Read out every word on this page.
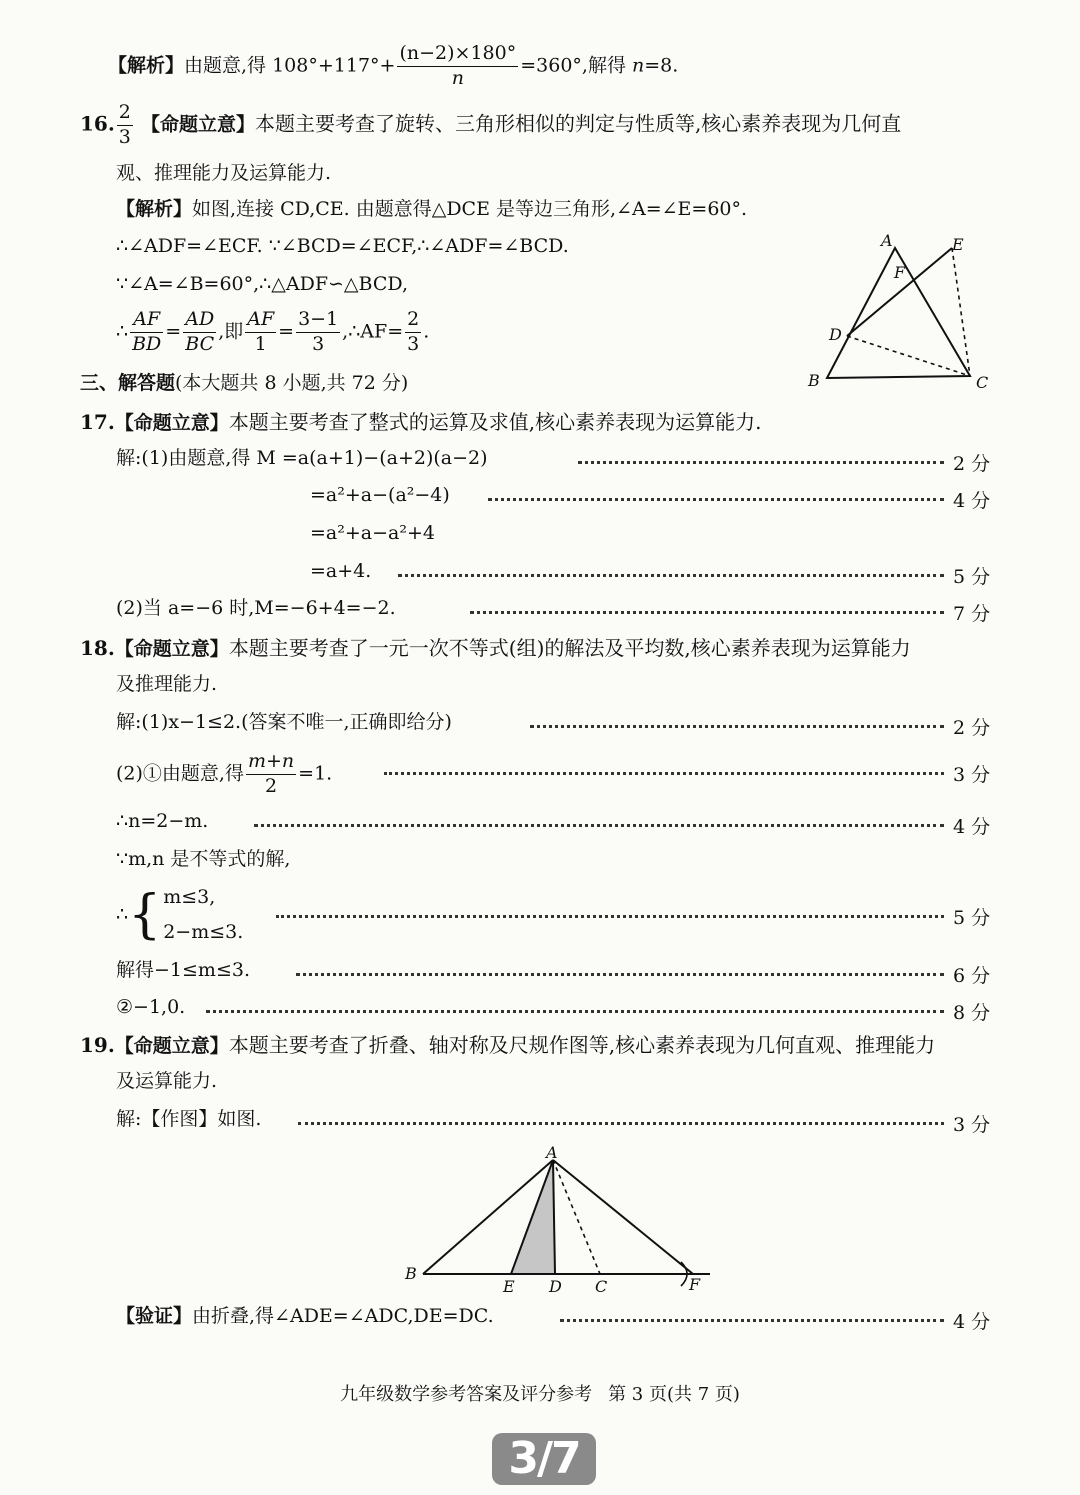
【解析】由题意,得 $108^\circ+117^\circ+ \frac{(n-2)\times 180^\circ}{n} =360^\circ$,解得 n=8.
16. $\frac{2}{3}$ 【命题立意】本题主要考查了旋转、三角形相似的判定与性质等,核心素养表现为几何直
观、推理能力及运算能力.
【解析】如图,连接 CD,CE. 由题意得△DCE 是等边三角形,∠A=∠E=60°.
∴∠ADF=∠ECF. ∵∠BCD=∠ECF,∴∠ADF=∠BCD.
∵∠A=∠B=60°,∴△ADF∽△BCD,
∴ $\frac{AF}{BD} = \frac{AD}{BC}$ ,即 $\frac{AF}{1} = \frac{3-1}{3}$ ,∴AF= $\frac{2}{3}$ .
A	E
F
D
B	C
三、解答题(本大题共 8 小题,共 72 分)
17.【命题立意】本题主要考查了整式的运算及求值,核心素养表现为运算能力.
解:(1)由题意,得 M =a(a+1)−(a+2)(a−2)	2 分
=a²+a−(a²−4)	4 分
=a²+a−a²+4
=a+4.	5 分
(2)当 a=−6 时,M=−6+4=−2.	7 分
18.【命题立意】本题主要考查了一元一次不等式(组)的解法及平均数,核心素养表现为运算能力
及推理能力.
解:(1)x−1≤2.(答案不唯一,正确即给分)	2 分
(2)①由题意,得 $\frac{m+n}{2} =1$.	3 分
∴n=2−m.	4 分
∵m,n 是不等式的解,
∴{ m≤3,
2−m≤3.
5 分
解得−1≤m≤3.	6 分
②−1,0.	8 分
19.【命题立意】本题主要考查了折叠、轴对称及尺规作图等,核心素养表现为几何直观、推理能力
及运算能力.
解:【作图】如图.	3 分
A
B
E D C	F
【验证】由折叠,得∠ADE=∠ADC,DE=DC.	4 分
九年级数学参考答案及评分参考 第 3 页(共 7 页)
3/7
